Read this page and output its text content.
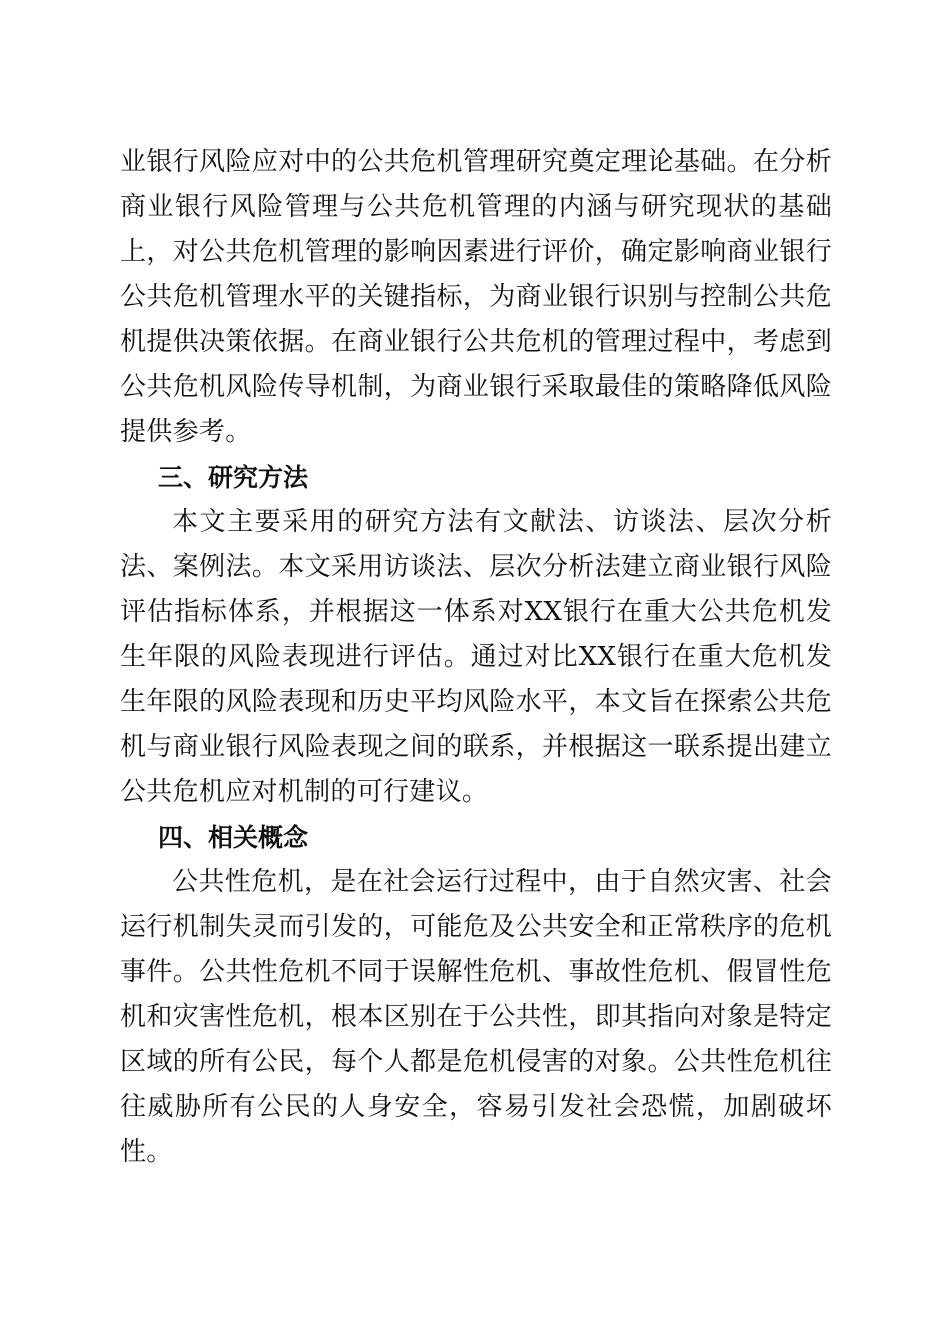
业银行风险应对中的公共危机管理研究奠定理论基础。在分析商业银行风险管理与公共危机管理的内涵与研究现状的基础上，对公共危机管理的影响因素进行评价，确定影响商业银行公共危机管理水平的关键指标，为商业银行识别与控制公共危机提供决策依据。在商业银行公共危机的管理过程中，考虑到公共危机风险传导机制，为商业银行采取最佳的策略降低风险提供参考。

三、研究方法

本文主要采用的研究方法有文献法、访谈法、层次分析法、案例法。本文采用访谈法、层次分析法建立商业银行风险评估指标体系，并根据这一体系对XX银行在重大公共危机发生年限的风险表现进行评估。通过对比XX银行在重大危机发生年限的风险表现和历史平均风险水平，本文旨在探索公共危机与商业银行风险表现之间的联系，并根据这一联系提出建立公共危机应对机制的可行建议。

四、相关概念

公共性危机，是在社会运行过程中，由于自然灾害、社会运行机制失灵而引发的，可能危及公共安全和正常秩序的危机事件。公共性危机不同于误解性危机、事故性危机、假冒性危机和灾害性危机，根本区别在于公共性，即其指向对象是特定区域的所有公民，每个人都是危机侵害的对象。公共性危机往往威胁所有公民的人身安全，容易引发社会恐慌，加剧破坏性。
